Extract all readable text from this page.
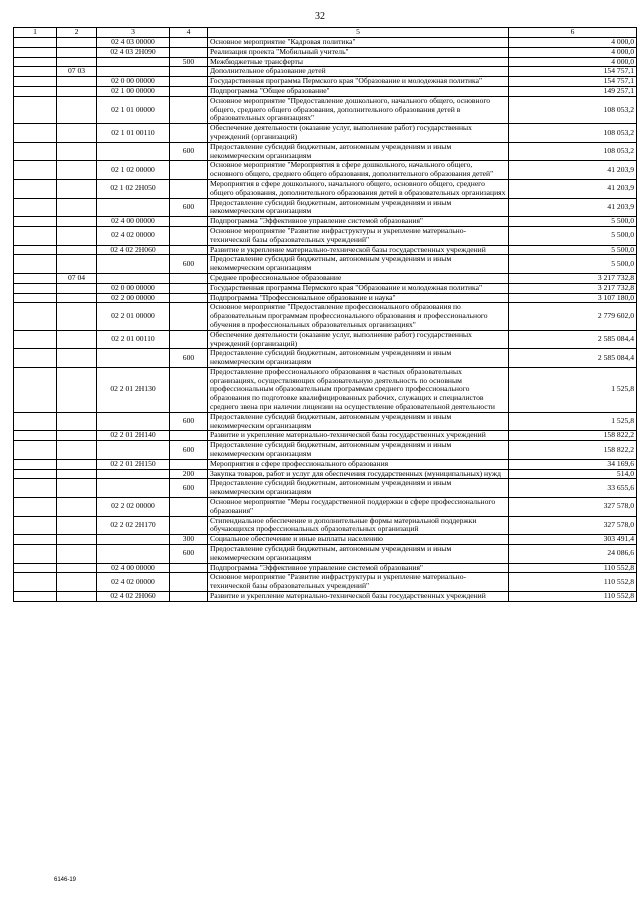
32
1	2	3	4	5	6
		02 4 03 00000		Основное мероприятие "Кадровая политика"	4 000,0
		02 4 03 2H090		Реализация проекта "Мобильный учитель"	4 000,0
			500	Межбюджетные трансферты	4 000,0
	07 03			Дополнительное образование детей	154 757,1
		02 0 00 00000		Государственная программа Пермского края "Образование и молодежная политика"	154 757,1
		02 1 00 00000		Подпрограмма "Общее образование"	149 257,1
		02 1 01 00000		Основное мероприятие "Предоставление дошкольного, начального общего, основного общего, среднего общего образования, дополнительного образования детей в образовательных организациях"	108 053,2
		02 1 01 00110		Обеспечение деятельности (оказание услуг, выполнение работ) государственных учреждений (организаций)	108 053,2
			600	Предоставление субсидий бюджетным, автономным учреждениям и иным некоммерческим организациям	108 053,2
		02 1 02 00000		Основное мероприятие "Мероприятия в сфере дошкольного, начального общего, основного общего, среднего общего образования, дополнительного образования детей"	41 203,9
		02 1 02 2H050		Мероприятия в сфере дошкольного, начального общего, основного общего, среднего общего образования, дополнительного образования детей в образовательных организациях	41 203,9
			600	Предоставление субсидий бюджетным, автономным учреждениям и иным некоммерческим организациям	41 203,9
		02 4 00 00000		Подпрограмма "Эффективное управление системой образования"	5 500,0
		02 4 02 00000		Основное мероприятие "Развитие инфраструктуры и укрепление материально-технической базы образовательных учреждений"	5 500,0
		02 4 02 2H060		Развитие и укрепление материально-технической базы государственных учреждений	5 500,0
			600	Предоставление субсидий бюджетным, автономным учреждениям и иным некоммерческим организациям	5 500,0
	07 04			Среднее профессиональное образование	3 217 732,8
		02 0 00 00000		Государственная программа Пермского края "Образование и молодежная политика"	3 217 732,8
		02 2 00 00000		Подпрограмма "Профессиональное образование и наука"	3 107 180,0
		02 2 01 00000		Основное мероприятие "Предоставление профессионального образования по образовательным программам профессионального образования и профессионального обучения в профессиональных образовательных организациях"	2 779 602,0
		02 2 01 00110		Обеспечение деятельности (оказание услуг, выполнение работ) государственных учреждений (организаций)	2 585 084,4
			600	Предоставление субсидий бюджетным, автономным учреждениям и иным некоммерческим организациям	2 585 084,4
		02 2 01 2H130		Предоставление профессионального образования в частных образовательных организациях, осуществляющих образовательную деятельность по основным профессиональным образовательным программам среднего профессионального образования по подготовке квалифицированных рабочих, служащих и специалистов среднего звена при наличии лицензии на осуществление образовательной деятельности	1 525,8
			600	Предоставление субсидий бюджетным, автономным учреждениям и иным некоммерческим организациям	1 525,8
		02 2 01 2H140		Развитие и укрепление материально-технической базы государственных учреждений	158 822,2
			600	Предоставление субсидий бюджетным, автономным учреждениям и иным некоммерческим организациям	158 822,2
		02 2 01 2H150		Мероприятия в сфере профессионального образования	34 169,6
			200	Закупка товаров, работ и услуг для обеспечения государственных (муниципальных) нужд	514,0
			600	Предоставление субсидий бюджетным, автономным учреждениям и иным некоммерческим организациям	33 655,6
		02 2 02 00000		Основное мероприятие "Меры государственной поддержки в сфере профессионального образования"	327 578,0
		02 2 02 2H170		Стипендиальное обеспечение и дополнительные формы материальной поддержки обучающихся профессиональных образовательных организаций	327 578,0
			300	Социальное обеспечение и иные выплаты населению	303 491,4
			600	Предоставление субсидий бюджетным, автономным учреждениям и иным некоммерческим организациям	24 086,6
		02 4 00 00000		Подпрограмма "Эффективное управление системой образования"	110 552,8
		02 4 02 00000		Основное мероприятие "Развитие инфраструктуры и укрепление материально-технической базы образовательных учреждений"	110 552,8
		02 4 02 2H060		Развитие и укрепление материально-технической базы государственных учреждений	110 552,8
6146-19
